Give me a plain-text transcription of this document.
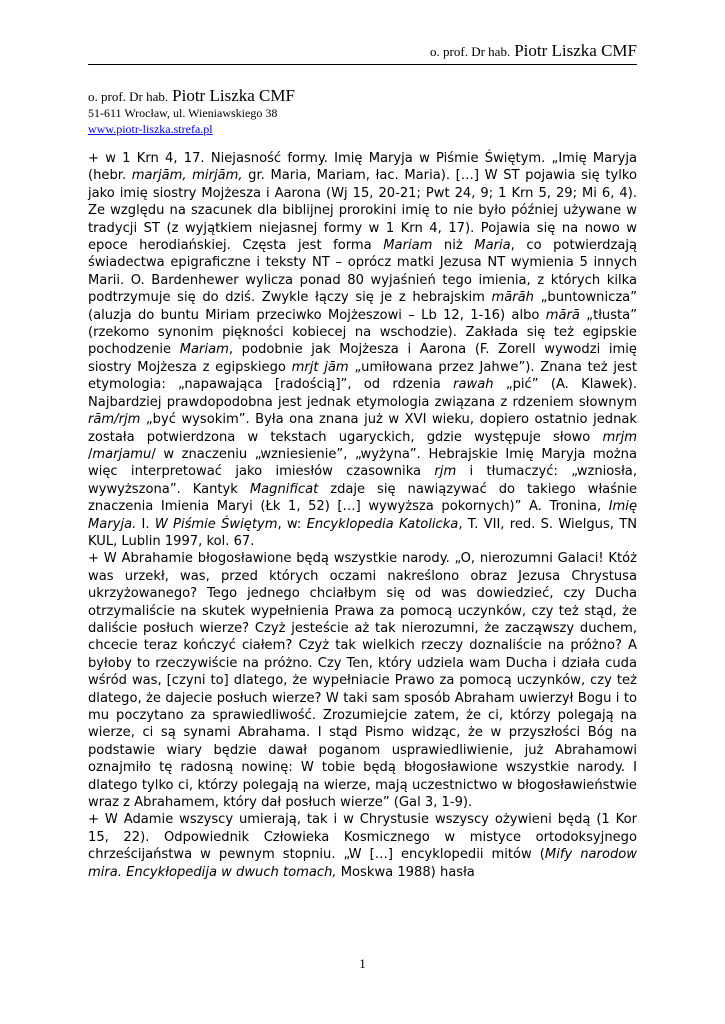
o. prof. Dr hab. Piotr Liszka CMF
o. prof. Dr hab. Piotr Liszka CMF
51-611 Wrocław, ul. Wieniawskiego 38
www.piotr-liszka.strefa.pl

+ w 1 Krn 4, 17. Niejasność formy. Imię Maryja w Piśmie Świętym. „Imię Maryja (hebr. marjām, mirjām, gr. Maria, Mariam, łac. Maria). […] W ST pojawia się tylko jako imię siostry Mojżesza i Aarona (Wj 15, 20-21; Pwt 24, 9; 1 Krn 5, 29; Mi 6, 4). Ze względu na szacunek dla biblijnej prorokini imię to nie było później używane w tradycji ST (z wyjątkiem niejasnej formy w 1 Krn 4, 17). Pojawia się na nowo w epoce herodiańskiej. Częsta jest forma Mariam niż Maria, co potwierdzają świadectwa epigraficzne i teksty NT – oprócz matki Jezusa NT wymienia 5 innych Marii. O. Bardenhewer wylicza ponad 80 wyjaśnień tego imienia, z których kilka podtrzymuje się do dziś. Zwykle łączy się je z hebrajskim mārāh „buntownicza” (aluzja do buntu Miriam przeciwko Mojżeszowi – Lb 12, 1-16) albo mārā „tłusta” (rzekomo synonim piękności kobiecej na wschodzie). Zakłada się też egipskie pochodzenie Mariam, podobnie jak Mojżesza i Aarona (F. Zorell wywodzi imię siostry Mojżesza z egipskiego mrjt jām „umiłowana przez Jahwe”). Znana też jest etymologia: „napawająca [radością]”, od rdzenia rawah „pić” (A. Klawek). Najbardziej prawdopodobna jest jednak etymologia związana z rdzeniem słownym rām/rjm „być wysokim”. Była ona znana już w XVI wieku, dopiero ostatnio jednak została potwierdzona w tekstach ugaryckich, gdzie występuje słowo mrjm /marjamu/ w znaczeniu „wzniesienie”, „wyżyna”. Hebrajskie Imię Maryja można więc interpretować jako imiesłów czasownika rjm i tłumaczyć: „wzniosła, wywyższona”. Kantyk Magnificat zdaje się nawiązywać do takiego właśnie znaczenia Imienia Maryi (Łk 1, 52) […] wywyższa pokornych)” A. Tronina, Imię Maryja. I. W Piśmie Świętym, w: Encyklopedia Katolicka, T. VII, red. S. Wielgus, TN KUL, Lublin 1997, kol. 67.

+ W Abrahamie błogosławione będą wszystkie narody. „O, nierozumni Galaci! Któż was urzekł, was, przed których oczami nakreślono obraz Jezusa Chrystusa ukrzyżowanego? Tego jednego chciałbym się od was dowiedzieć, czy Ducha otrzymaliście na skutek wypełnienia Prawa za pomocą uczynków, czy też stąd, że daliście posłuch wierze? Czyż jesteście aż tak nierozumni, że zacząwszy duchem, chcecie teraz kończyć ciałem? Czyż tak wielkich rzeczy doznaliście na próżno? A byłoby to rzeczywiście na próżno. Czy Ten, który udziela wam Ducha i działa cuda wśród was, [czyni to] dlatego, że wypełniacie Prawo za pomocą uczynków, czy też dlatego, że dajecie posłuch wierze? W taki sam sposób Abraham uwierzył Bogu i to mu poczytano za sprawiedliwość. Zrozumiejcie zatem, że ci, którzy polegają na wierze, ci są synami Abrahama. I stąd Pismo widząc, że w przyszłości Bóg na podstawie wiary będzie dawał poganom usprawiedliwienie, już Abrahamowi oznajmiło tę radosną nowinę: W tobie będą błogosławione wszystkie narody. I dlatego tylko ci, którzy polegają na wierze, mają uczestnictwo w błogosławieństwie wraz z Abrahamem, który dał posłuch wierze” (Gal 3, 1-9).

+ W Adamie wszyscy umierają, tak i w Chrystusie wszyscy ożywieni będą (1 Kor 15, 22). Odpowiednik Człowieka Kosmicznego w mistyce ortodoksyjnego chrześcijaństwa w pewnym stopniu. „W […] encyklopedii mitów (Mify narodow mira. Encykłopedija w dwuch tomach, Moskwa 1988) hasła

1
